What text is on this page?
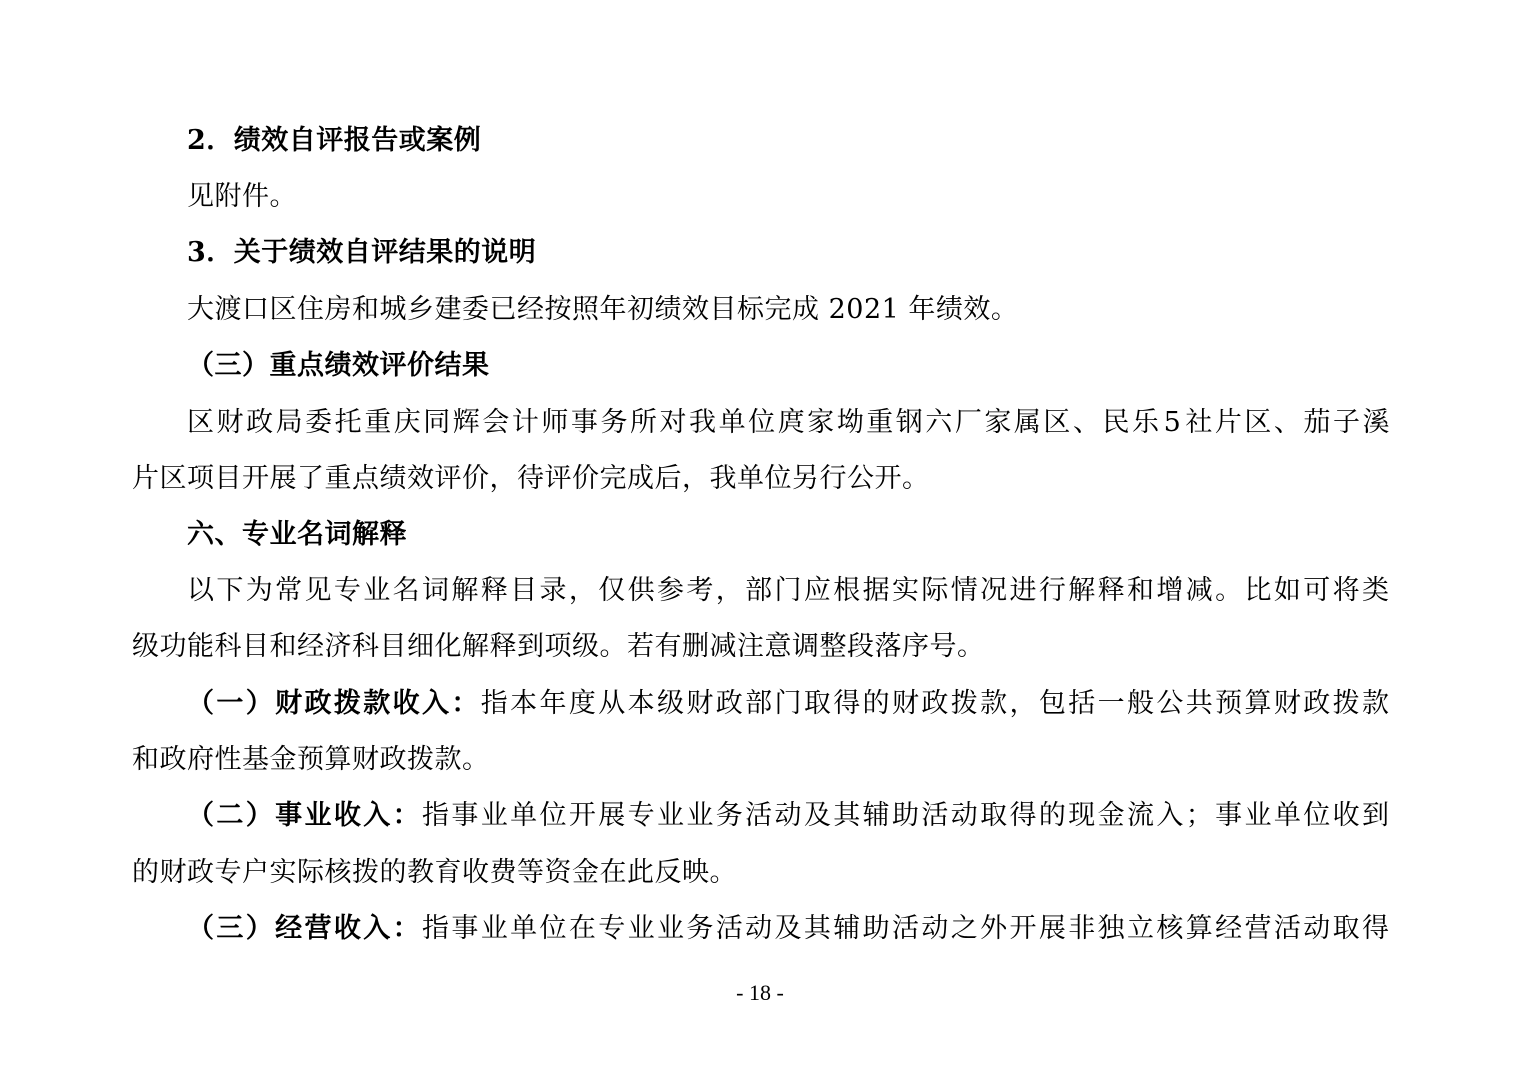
2．绩效自评报告或案例
见附件。
3．关于绩效自评结果的说明
大渡口区住房和城乡建委已经按照年初绩效目标完成 2021 年绩效。
（三）重点绩效评价结果
区 财 政 局 委 托 重 庆 同 辉 会 计 师 事 务 所 对 我 单 位 庹 家 坳 重 钢 六 厂 家 属 区 、 民 乐 5 社 片 区 、 茄 子 溪
片区项目开展了重点绩效评价，待评价完成后，我单位另行公开。
六、专业名词解释
以 下 为 常 见 专 业 名 词 解 释 目 录 ， 仅 供 参 考 ， 部 门 应 根 据 实 际 情 况 进 行 解 释 和 增 减 。 比 如 可 将 类
级功能科目和经济科目细化解释到项级。若有删减注意调整段落序号。
（ 一 ） 财 政 拨 款 收 入 ： 指 本 年 度 从 本 级 财 政 部 门 取 得 的 财 政 拨 款 ， 包 括 一 般 公 共 预 算 财 政 拨 款
和政府性基金预算财政拨款。
（ 二 ） 事 业 收 入 ： 指 事 业 单 位 开 展 专 业 业 务 活 动 及 其 辅 助 活 动 取 得 的 现 金 流 入 ； 事 业 单 位 收 到
的财政专户实际核拨的教育收费等资金在此反映。
（ 三 ） 经 营 收 入 ： 指 事 业 单 位 在 专 业 业 务 活 动 及 其 辅 助 活 动 之 外 开 展 非 独 立 核 算 经 营 活 动 取 得
- 18 -
